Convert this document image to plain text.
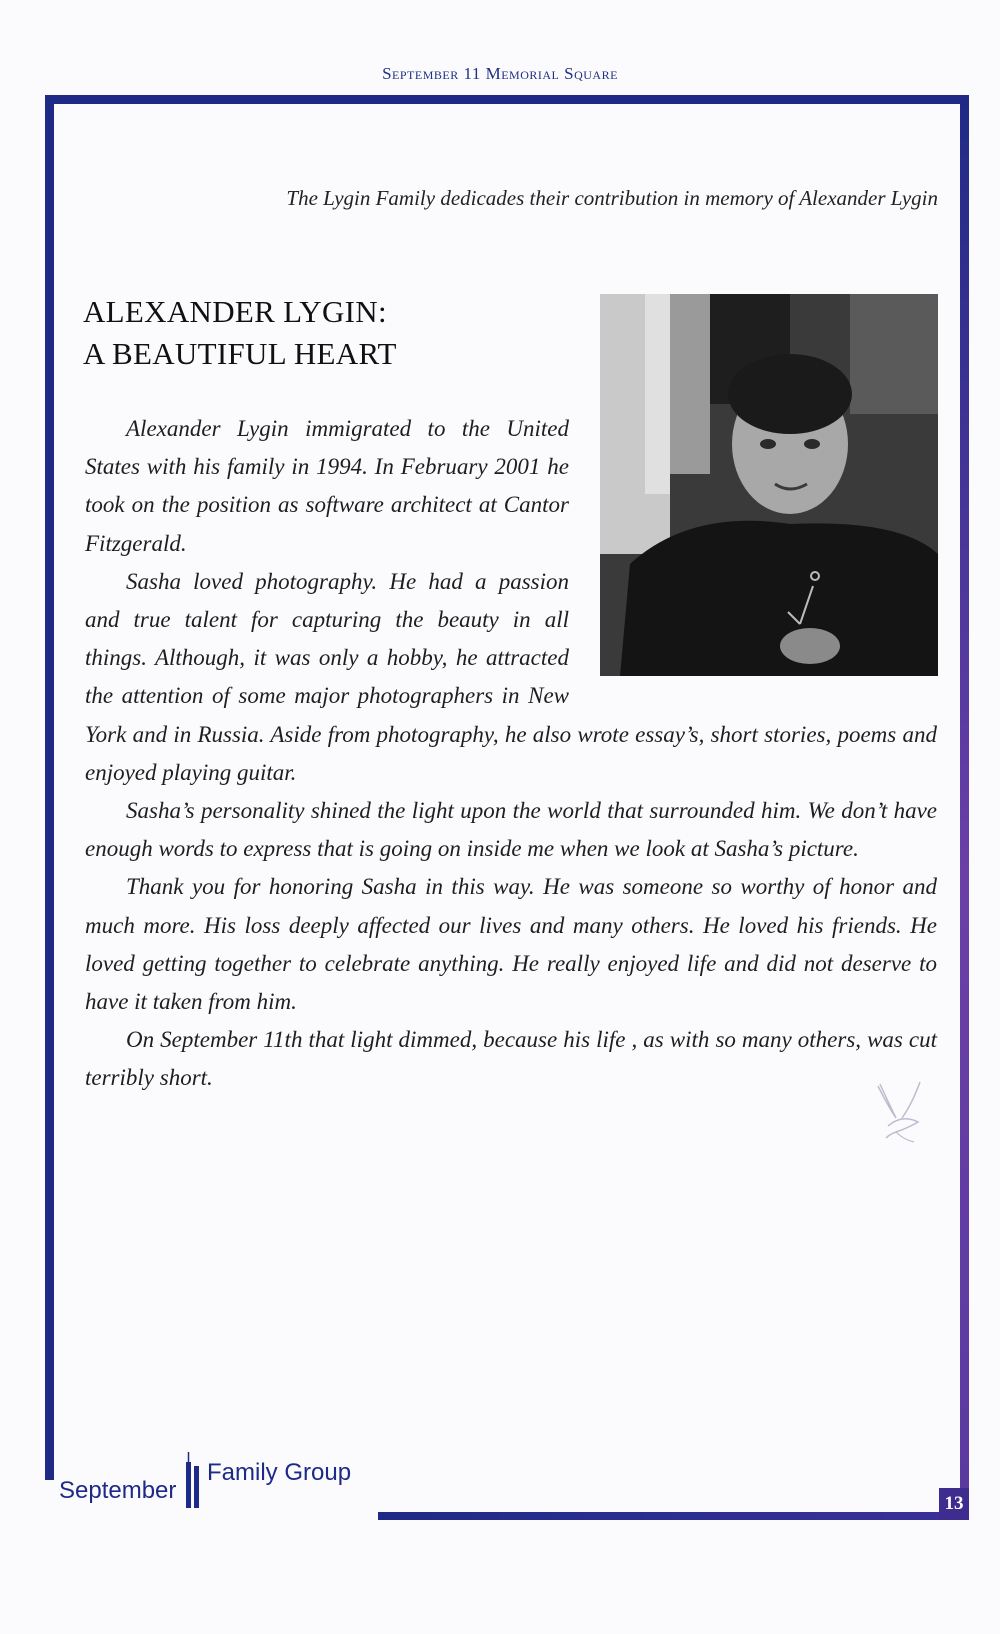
September 11 Memorial Square
The Lygin Family dedicades their contribution in memory of Alexander Lygin
ALEXANDER LYGIN:
A BEAUTIFUL HEART

Alexander Lygin immigrated to the United States with his family in 1994. In February 2001 he took on the position as software architect at Cantor Fitzgerald.

Sasha loved photography. He had a passion and true talent for capturing the beauty in all things. Although, it was only a hobby, he attracted the attention of some major photographers in New York and in Russia. Aside from photography, he also wrote essay’s, short stories, poems and enjoyed playing guitar.

Sasha’s personality shined the light upon the world that surrounded him. We don’t have enough words to express that is going on inside me when we look at Sasha’s picture.

Thank you for honoring Sasha in this way. He was someone so worthy of honor and much more. His loss deeply affected our lives and many others. He loved his friends. He loved getting together to celebrate anything. He really enjoyed life and did not deserve to have it taken from him.

On September 11th that light dimmed, because his life , as with so many others, was cut terribly short.

September
Family Group
13
